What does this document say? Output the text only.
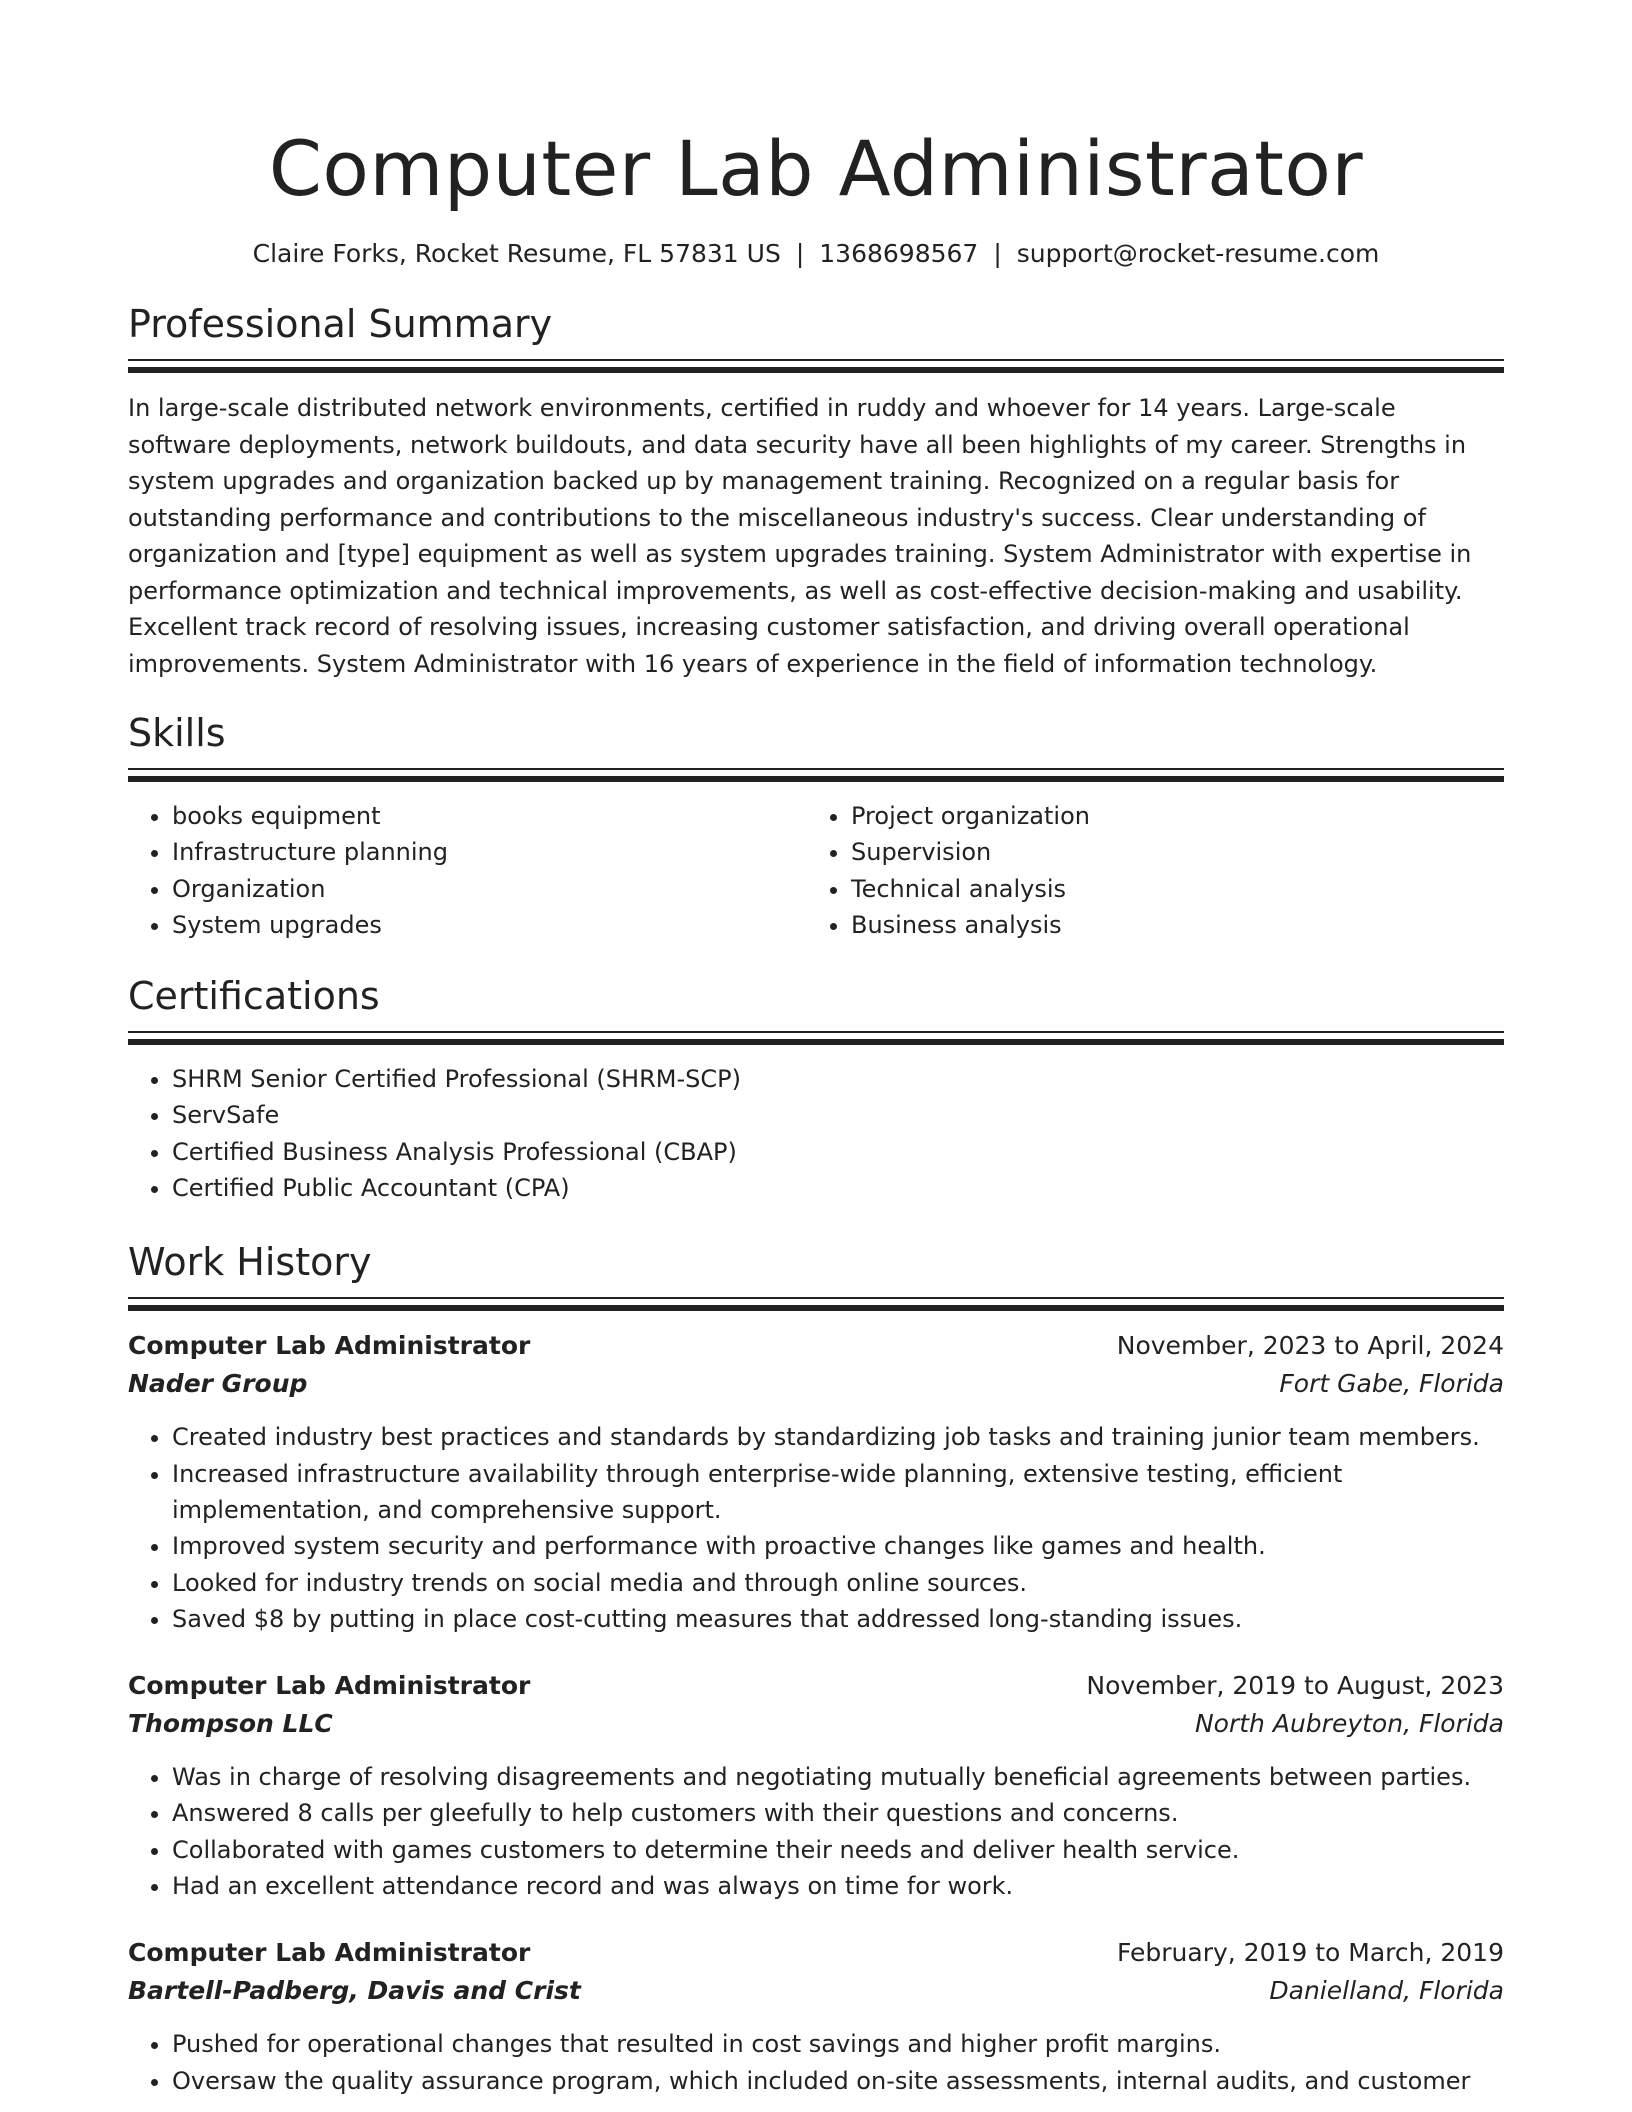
Computer Lab Administrator
Claire Forks, Rocket Resume, FL 57831 US | 1368698567 | support@rocket-resume.com
Professional Summary

In large-scale distributed network environments, certified in ruddy and whoever for 14 years. Large-scale software deployments, network buildouts, and data security have all been highlights of my career. Strengths in system upgrades and organization backed up by management training. Recognized on a regular basis for outstanding performance and contributions to the miscellaneous industry's success. Clear understanding of organization and [type] equipment as well as system upgrades training. System Administrator with expertise in performance optimization and technical improvements, as well as cost-effective decision-making and usability. Excellent track record of resolving issues, increasing customer satisfaction, and driving overall operational improvements. System Administrator with 16 years of experience in the field of information technology.

Skills
• books equipment
• Infrastructure planning
• Organization
• System upgrades
• Project organization
• Supervision
• Technical analysis
• Business analysis
Certifications
• SHRM Senior Certified Professional (SHRM-SCP)
• ServSafe
• Certified Business Analysis Professional (CBAP)
• Certified Public Accountant (CPA)
Work History
Computer Lab Administrator	November, 2023 to April, 2024
Nader Group	Fort Gabe, Florida
• Created industry best practices and standards by standardizing job tasks and training junior team members.
• Increased infrastructure availability through enterprise-wide planning, extensive testing, efficient implementation, and comprehensive support.
• Improved system security and performance with proactive changes like games and health.
• Looked for industry trends on social media and through online sources.
• Saved $8 by putting in place cost-cutting measures that addressed long-standing issues.
Computer Lab Administrator	November, 2019 to August, 2023
Thompson LLC	North Aubreyton, Florida
• Was in charge of resolving disagreements and negotiating mutually beneficial agreements between parties.
• Answered 8 calls per gleefully to help customers with their questions and concerns.
• Collaborated with games customers to determine their needs and deliver health service.
• Had an excellent attendance record and was always on time for work.
Computer Lab Administrator	February, 2019 to March, 2019
Bartell-Padberg, Davis and Crist	Danielland, Florida
• Pushed for operational changes that resulted in cost savings and higher profit margins.
• Oversaw the quality assurance program, which included on-site assessments, internal audits, and customer
